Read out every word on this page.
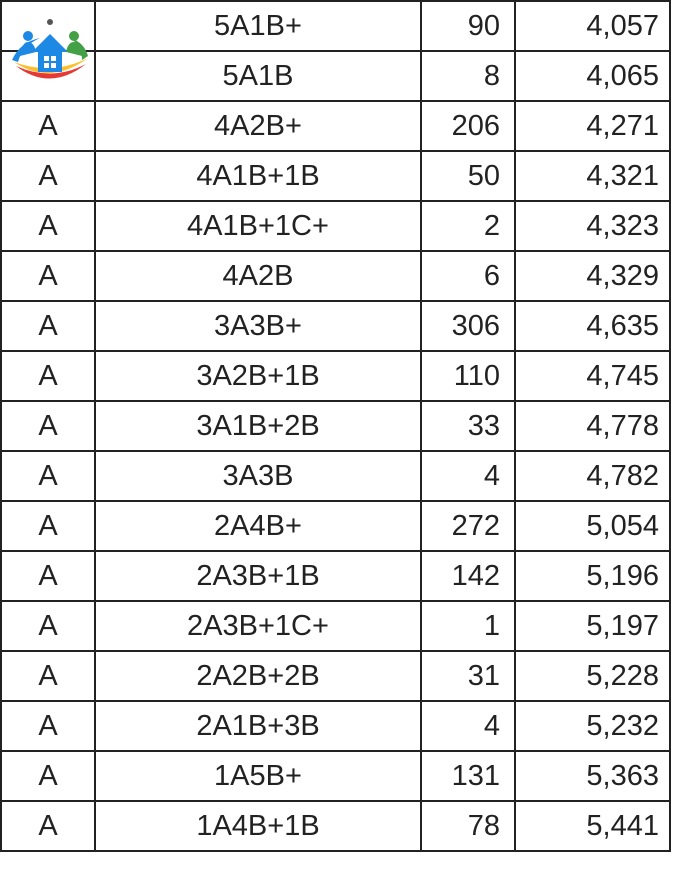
	5A1B+	90	4,057
	5A1B	8	4,065
A	4A2B+	206	4,271
A	4A1B+1B	50	4,321
A	4A1B+1C+	2	4,323
A	4A2B	6	4,329
A	3A3B+	306	4,635
A	3A2B+1B	110	4,745
A	3A1B+2B	33	4,778
A	3A3B	4	4,782
A	2A4B+	272	5,054
A	2A3B+1B	142	5,196
A	2A3B+1C+	1	5,197
A	2A2B+2B	31	5,228
A	2A1B+3B	4	5,232
A	1A5B+	131	5,363
A	1A4B+1B	78	5,441
